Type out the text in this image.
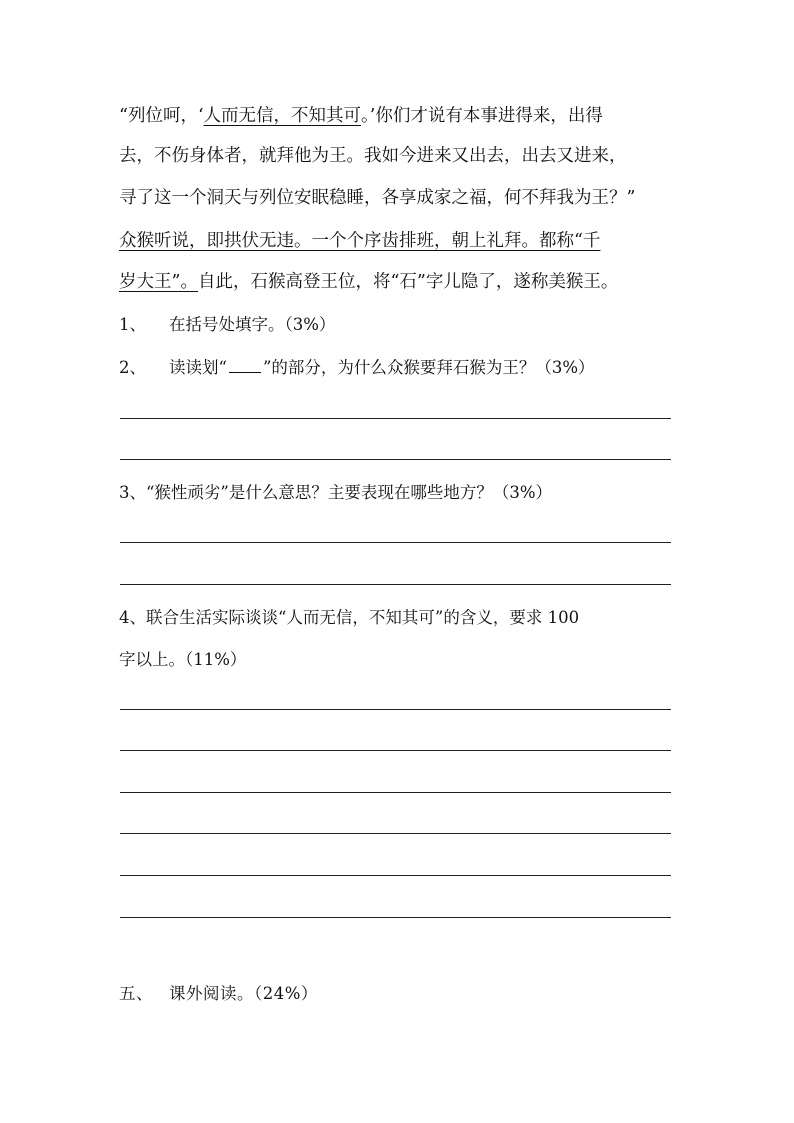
“列位呵，‘人而无信，不知其可。’你们才说有本事进得来，出得
去，不伤身体者，就拜他为王。我如今进来又出去，出去又进来，
寻了这一个洞天与列位安眠稳睡，各享成家之福，何不拜我为王？”
众猴听说，即拱伏无违。一个个序齿排班，朝上礼拜。都称“千
岁大王”。自此，石猴高登王位，将“石”字儿隐了，遂称美猴王。
1、 在括号处填字。（3%）
2、 读读划“ ”的部分，为什么众猴要拜石猴为王？（3%）
3、“猴性顽劣”是什么意思？主要表现在哪些地方？（3%）
4、联合生活实际谈谈“人而无信，不知其可”的含义，要求 100
字以上。（11%）
五、 课外阅读。（24%）
